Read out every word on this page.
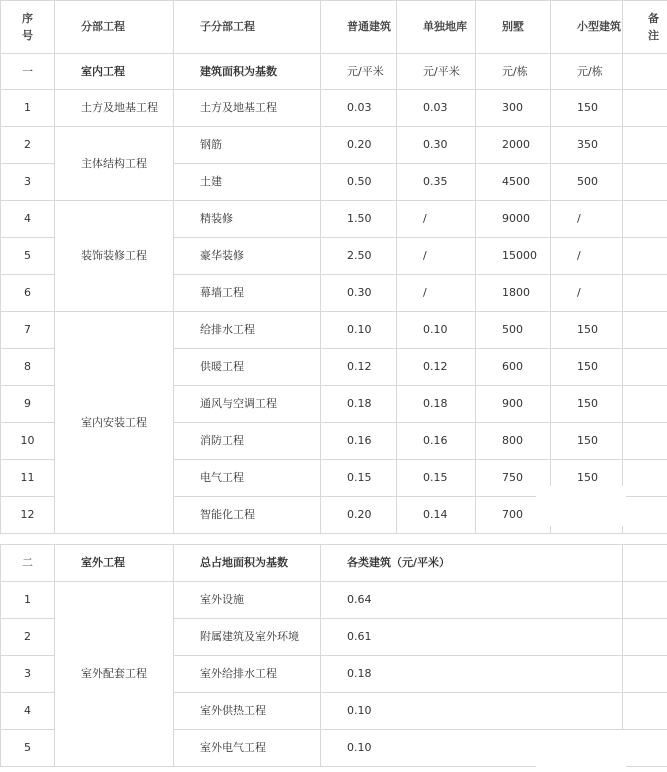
序号	分部工程	子分部工程	普通建筑	单独地库	别墅	小型建筑	备注
一	室内工程	建筑面积为基数	元/平米	元/平米	元/栋	元/栋	
1	土方及地基工程	土方及地基工程	0.03	0.03	300	150	
2	主体结构工程	钢筋	0.20	0.30	2000	350	
3		土建	0.50	0.35	4500	500	
4	装饰装修工程	精装修	1.50	/	9000	/	
5		豪华装修	2.50	/	15000	/	
6		幕墙工程	0.30	/	1800	/	
7	室内安装工程	给排水工程	0.10	0.10	500	150	
8		供暖工程	0.12	0.12	600	150	
9		通风与空调工程	0.18	0.18	900	150	
10		消防工程	0.16	0.16	800	150	
11		电气工程	0.15	0.15	750	150	
12		智能化工程	0.20	0.14	700		
二	室外工程	总占地面积为基数	各类建筑（元/平米）	
1	室外配套工程	室外设施	0.64	
2		附属建筑及室外环境	0.61	
3		室外给排水工程	0.18	
4		室外供热工程	0.10	
5		室外电气工程	0.10	
